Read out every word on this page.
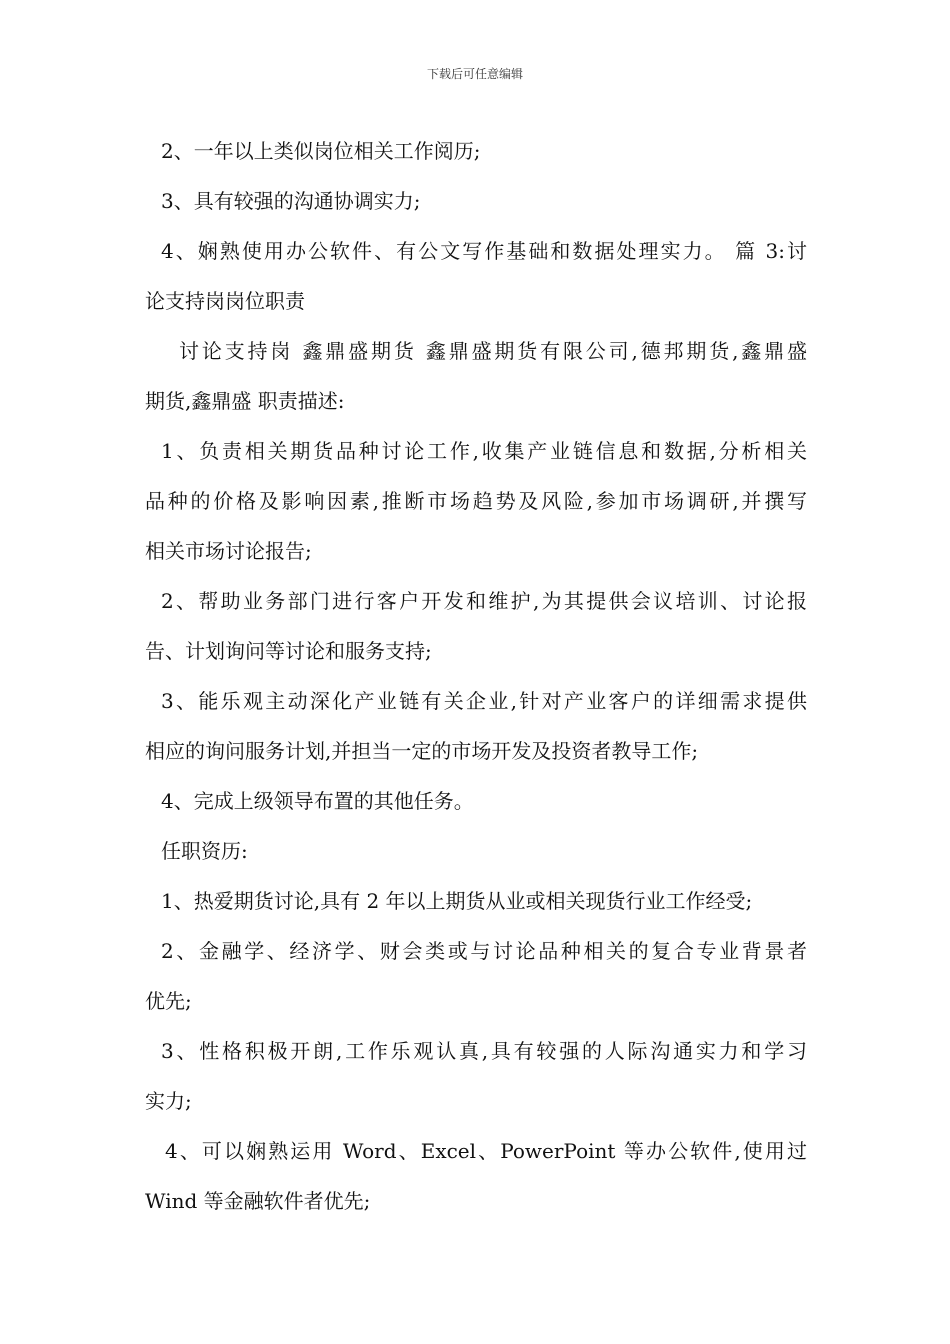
下载后可任意编辑
2、一年以上类似岗位相关工作阅历;
3、具有较强的沟通协调实力;
4、娴熟使用办公软件、有公文写作基础和数据处理实力。 篇 3:讨
论支持岗岗位职责
讨论支持岗 鑫鼎盛期货 鑫鼎盛期货有限公司,德邦期货,鑫鼎盛
期货,鑫鼎盛 职责描述:
1、负责相关期货品种讨论工作,收集产业链信息和数据,分析相关
品种的价格及影响因素,推断市场趋势及风险,参加市场调研,并撰写
相关市场讨论报告;
2、帮助业务部门进行客户开发和维护,为其提供会议培训、讨论报
告、计划询问等讨论和服务支持;
3、能乐观主动深化产业链有关企业,针对产业客户的详细需求提供
相应的询问服务计划,并担当一定的市场开发及投资者教导工作;
4、完成上级领导布置的其他任务。
任职资历:
1、热爱期货讨论,具有 2 年以上期货从业或相关现货行业工作经受;
2、金融学、经济学、财会类或与讨论品种相关的复合专业背景者
优先;
3、性格积极开朗,工作乐观认真,具有较强的人际沟通实力和学习
实力;
4、可以娴熟运用 Word、Excel、PowerPoint 等办公软件,使用过
Wind 等金融软件者优先;
